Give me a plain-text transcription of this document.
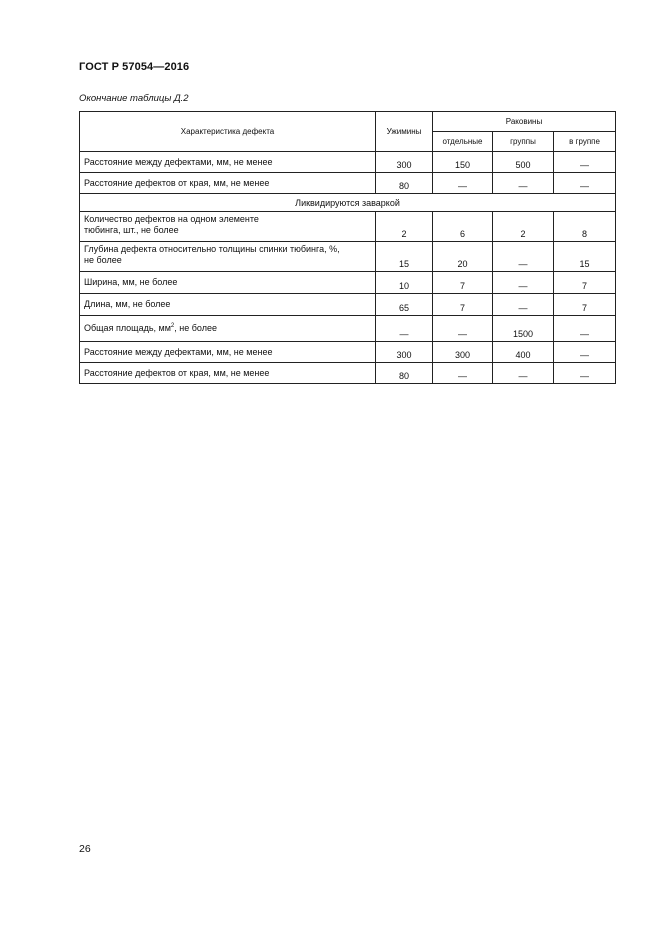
ГОСТ Р 57054—2016
Окончание таблицы Д.2
Характеристика дефекта	Ужимины	Раковины		
		отдельные	группы	в группе
Расстояние между дефектами, мм, не менее	300	150	500	—
Расстояние дефектов от края, мм, не менее	80	—	—	—
Ликвидируются заваркой				
Количество дефектов на одном элементе
тюбинга, шт., не более	2	6	2	8
Глубина дефекта относительно толщины спинки тюбинга, %,
не более	15	20	—	15
Ширина, мм, не более	10	7	—	7
Длина, мм, не более	65	7	—	7
Общая площадь, $мм^2$, не более	—	—	1500	—
Расстояние между дефектами, мм, не менее	300	300	400	—
Расстояние дефектов от края, мм, не менее	80	—	—	—
26
